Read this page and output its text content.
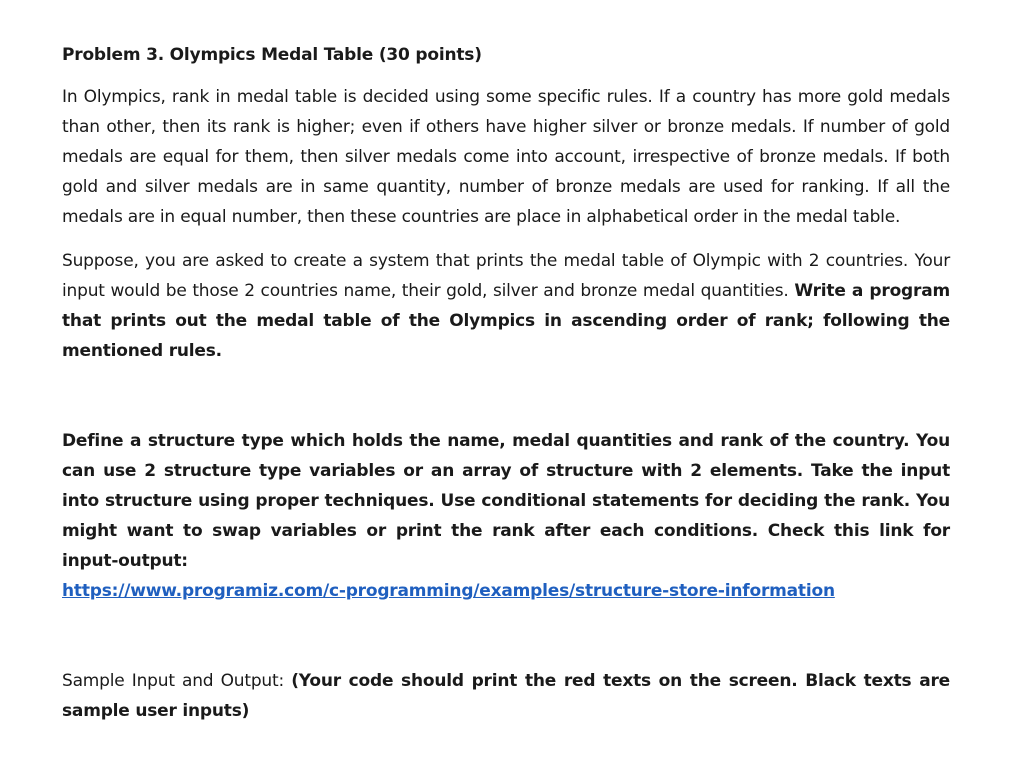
Problem 3. Olympics Medal Table (30 points)

In Olympics, rank in medal table is decided using some specific rules. If a country has more gold medals than other, then its rank is higher; even if others have higher silver or bronze medals. If number of gold medals are equal for them, then silver medals come into account, irrespective of bronze medals. If both gold and silver medals are in same quantity, number of bronze medals are used for ranking. If all the medals are in equal number, then these countries are place in alphabetical order in the medal table.

Suppose, you are asked to create a system that prints the medal table of Olympic with 2 countries. Your input would be those 2 countries name, their gold, silver and bronze medal quantities. Write a program that prints out the medal table of the Olympics in ascending order of rank; following the mentioned rules.

Define a structure type which holds the name, medal quantities and rank of the country. You can use 2 structure type variables or an array of structure with 2 elements. Take the input into structure using proper techniques. Use conditional statements for deciding the rank. You might want to swap variables or print the rank after each conditions. Check this link for input-output:
https://www.programiz.com/c-programming/examples/structure-store-information

Sample Input and Output: (Your code should print the red texts on the screen. Black texts are sample user inputs)
